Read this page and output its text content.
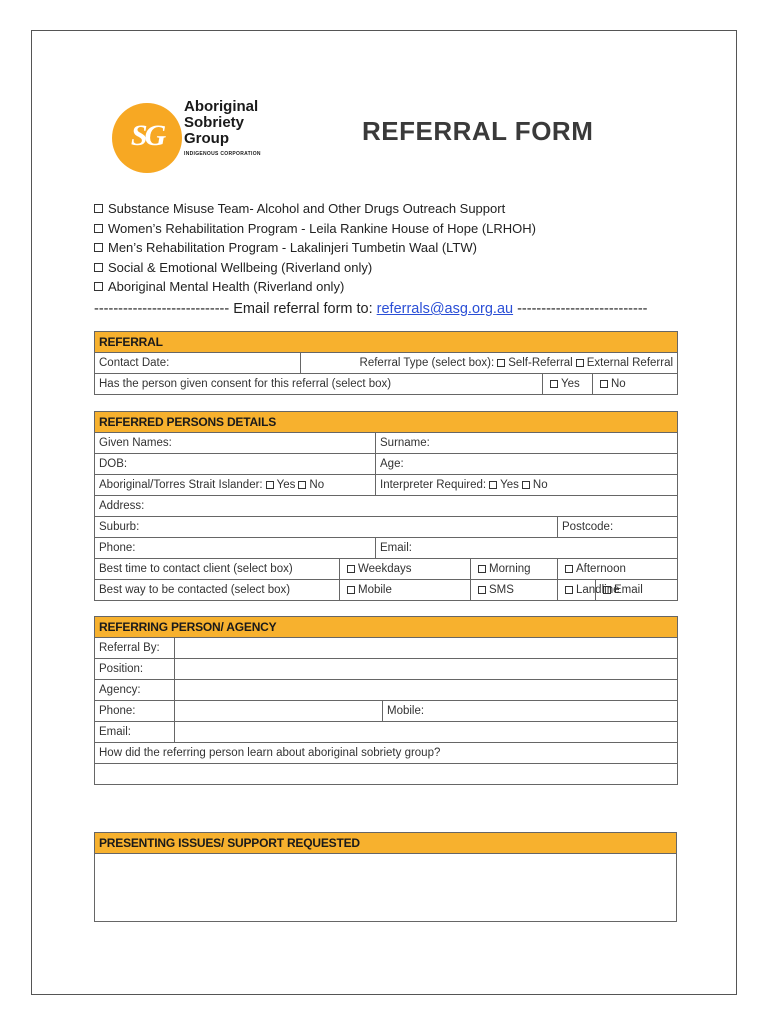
SG
Aboriginal
Sobriety
Group
INDIGENOUS CORPORATION
REFERRAL FORM
Substance Misuse Team- Alcohol and Other Drugs Outreach Support
Women’s Rehabilitation Program - Leila Rankine House of Hope (LRHOH)
Men’s Rehabilitation Program - Lakalinjeri Tumbetin Waal (LTW)
Social & Emotional Wellbeing (Riverland only)
Aboriginal Mental Health (Riverland only)
---------------------------- Email referral form to: referrals@asg.org.au ---------------------------
REFERRAL			
Contact Date:	Referral Type (select box): Self-Referral External Referral		
Has the person given consent for this referral (select box)		Yes	No
REFERRED PERSONS DETAILS					
Given Names:		Surname:			
DOB:		Age:			
Aboriginal/Torres Strait Islander: Yes No		Interpreter Required: Yes No			
Address:					
Suburb:				Postcode:	
Phone:		Email:			
Best time to contact client (select box)	Weekdays		Morning	Afternoon	
Best way to be contacted (select box)	Mobile		SMS	Landline	Email
REFERRING PERSON/ AGENCY		
Referral By:		
Position:		
Agency:		
Phone:		Mobile:
Email:		
How did the referring person learn about aboriginal sobriety group?		

PRESENTING ISSUES/ SUPPORT REQUESTED
